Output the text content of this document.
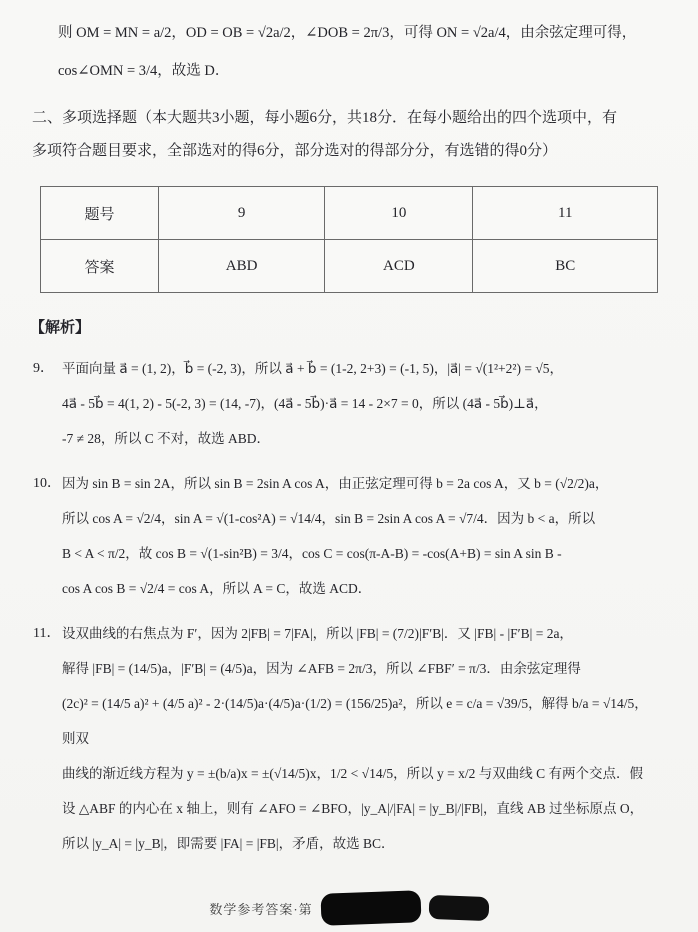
则 OM = MN = a/2，OD = OB = √2a/2，∠DOB = 2π/3，可得 ON = √2a/4，由余弦定理可得，
cos∠OMN = 3/4，故选 D．
二、多项选择题（本大题共3小题，每小题6分，共18分．在每小题给出的四个选项中，有
多项符合题目要求，全部选对的得6分，部分选对的得部分分，有选错的得0分）
题号	9	10	11
答案	ABD	ACD	BC
【解析】
9． 平面向量 a⃗ = (1, 2)，b⃗ = (-2, 3)，所以 a⃗ + b⃗ = (1-2, 2+3) = (-1, 5)，|a⃗| = √(1²+2²) = √5，
4a⃗ - 5b⃗ = 4(1, 2) - 5(-2, 3) = (14, -7)，(4a⃗ - 5b⃗)·a⃗ = 14 - 2×7 = 0，所以 (4a⃗ - 5b⃗)⊥a⃗，
-7 ≠ 28，所以 C 不对，故选 ABD．
10． 因为 sin B = sin 2A，所以 sin B = 2sin A cos A，由正弦定理可得 b = 2a cos A，又 b = (√2/2)a，
所以 cos A = √2/4，sin A = √(1-cos²A) = √14/4，sin B = 2sin A cos A = √7/4．因为 b < a，所以
B < A < π/2，故 cos B = √(1-sin²B) = 3/4，cos C = cos(π-A-B) = -cos(A+B) = sin A sin B -
cos A cos B = √2/4 = cos A，所以 A = C，故选 ACD．
11． 设双曲线的右焦点为 F′，因为 2|FB| = 7|FA|，所以 |FB| = (7/2)|F′B|．又 |FB| - |F′B| = 2a，
解得 |FB| = (14/5)a，|F′B| = (4/5)a，因为 ∠AFB = 2π/3，所以 ∠FBF′ = π/3．由余弦定理得
(2c)² = (14/5 a)² + (4/5 a)² - 2·(14/5)a·(4/5)a·(1/2) = (156/25)a²，所以 e = c/a = √39/5，解得 b/a = √14/5，则双
曲线的渐近线方程为 y = ±(b/a)x = ±(√14/5)x，1/2 < √14/5，所以 y = x/2 与双曲线 C 有两个交点．假
设 △ABF 的内心在 x 轴上，则有 ∠AFO = ∠BFO，|y_A|/|FA| = |y_B|/|FB|，直线 AB 过坐标原点 O，
所以 |y_A| = |y_B|，即需要 |FA| = |FB|，矛盾，故选 BC．
数学参考答案·第
